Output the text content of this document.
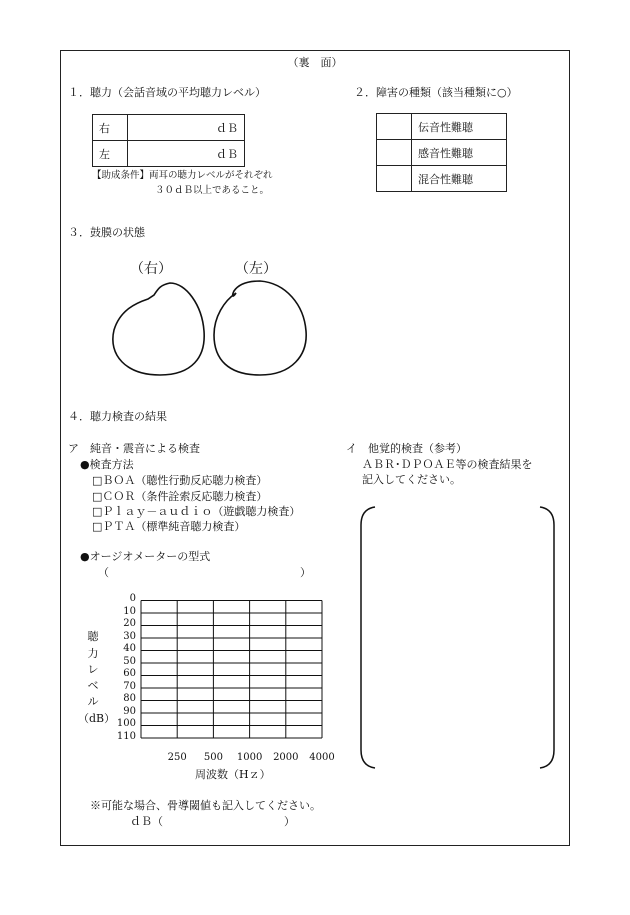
（裏　面）
１．聴力（会話音域の平均聴力レベル）
右	ｄＢ
左	ｄＢ
【助成条件】両耳の聴力レベルがそれぞれ
３０ｄＢ以上であること。
２．障害の種類（該当種類に○）
	伝音性難聴
	感音性難聴
	混合性難聴
３．鼓膜の状態
（右）	（左）
４．聴力検査の結果
ア　純音・震音による検査
●検査方法
□ＢＯＡ（聴性行動反応聴力検査）
□ＣＯＲ（条件詮索反応聴力検査）
□Ｐｌａｙ－ａｕｄｉｏ（遊戯聴力検査）
□ＰＴＡ（標準純音聴力検査）
●オージオメーターの型式
（	）
0
10
20
30
40
50
60
70
80
90
100
110
250	500	1000	2000	4000
聴
力
レ
ベ
ル
（dB）
周波数（Hｚ）
※可能な場合、骨導閾値も記入してください。
ｄＢ（　　　　　　　　　　　）
イ　他覚的検査（参考）
ＡＢＲ･ＤＰＯＡＥ等の検査結果を
記入してください。
